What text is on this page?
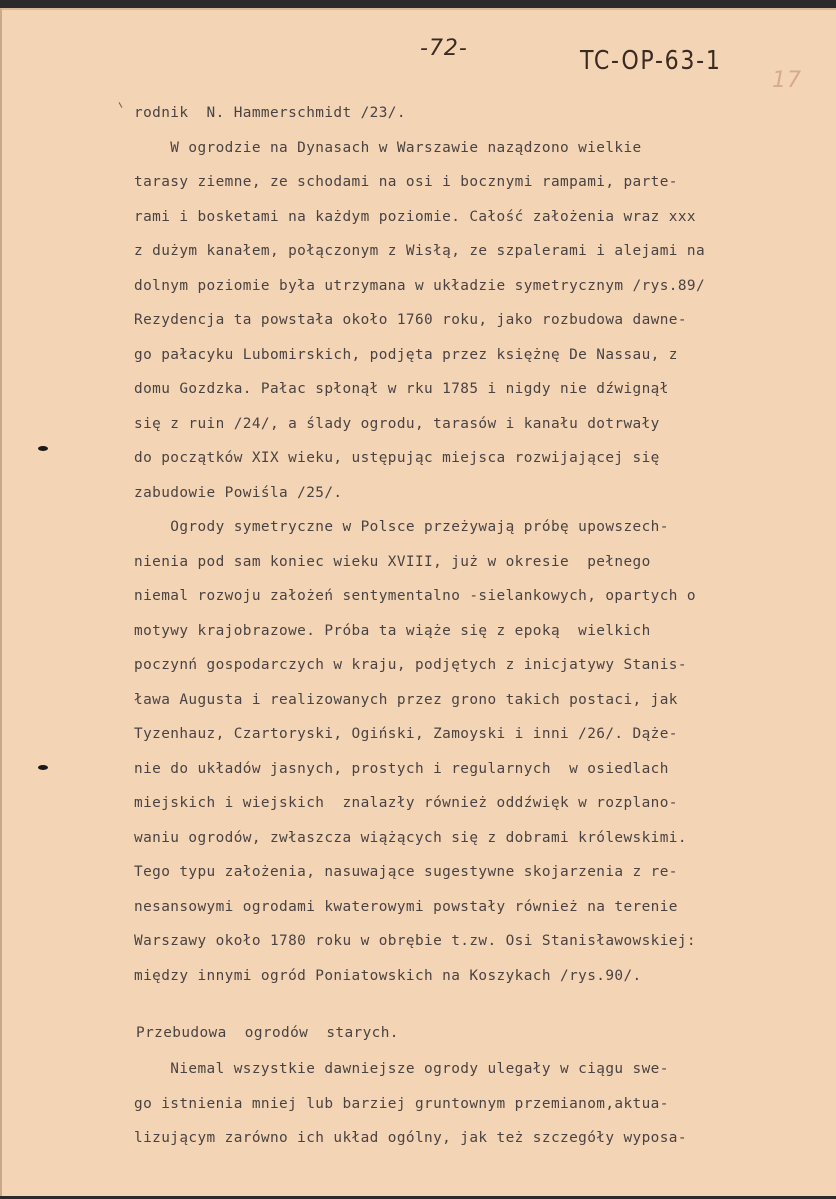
-72-	TC-OP-63-1
17
rodnik  N. Hammerschmidt /23/.
W ogrodzie na Dynasach w Warszawie naządzono wielkie
tarasy ziemne, ze schodami na osi i bocznymi rampami, parte-
rami i bosketami na każdym poziomie. Całość założenia wraz xxx
z dużym kanałem, połączonym z Wisłą, ze szpalerami i alejami na
dolnym poziomie była utrzymana w układzie symetrycznym /rys.89/
Rezydencja ta powstała około 1760 roku, jako rozbudowa dawne-
go pałacyku Lubomirskich, podjęta przez księżnę De Nassau, z
domu Gozdzka. Pałac spłonął w rku 1785 i nigdy nie dźwignął
się z ruin /24/, a ślady ogrodu, tarasów i kanału dotrwały
do początków XIX wieku, ustępując miejsca rozwijającej się
zabudowie Powiśla /25/.
Ogrody symetryczne w Polsce przeżywają próbę upowszech-
nienia pod sam koniec wieku XVIII, już w okresie  pełnego
niemal rozwoju założeń sentymentalno -sielankowych, opartych o
motywy krajobrazowe. Próba ta wiąże się z epoką  wielkich
poczynń gospodarczych w kraju, podjętych z inicjatywy Stanis-
ława Augusta i realizowanych przez grono takich postaci, jak
Tyzenhauz, Czartoryski, Ogiński, Zamoyski i inni /26/. Dąże-
nie do układów jasnych, prostych i regularnych  w osiedlach
miejskich i wiejskich  znalazły również oddźwięk w rozplano-
waniu ogrodów, zwłaszcza wiążących się z dobrami królewskimi.
Tego typu założenia, nasuwające sugestywne skojarzenia z re-
nesansowymi ogrodami kwaterowymi powstały również na terenie
Warszawy około 1780 roku w obrębie t.zw. Osi Stanisławowskiej:
między innymi ogród Poniatowskich na Koszykach /rys.90/.
Przebudowa  ogrodów  starych.
Niemal wszystkie dawniejsze ogrody ulegały w ciągu swe-
go istnienia mniej lub barziej gruntownym przemianom,aktua-
lizującym zarówno ich układ ogólny, jak też szczegóły wyposa-
